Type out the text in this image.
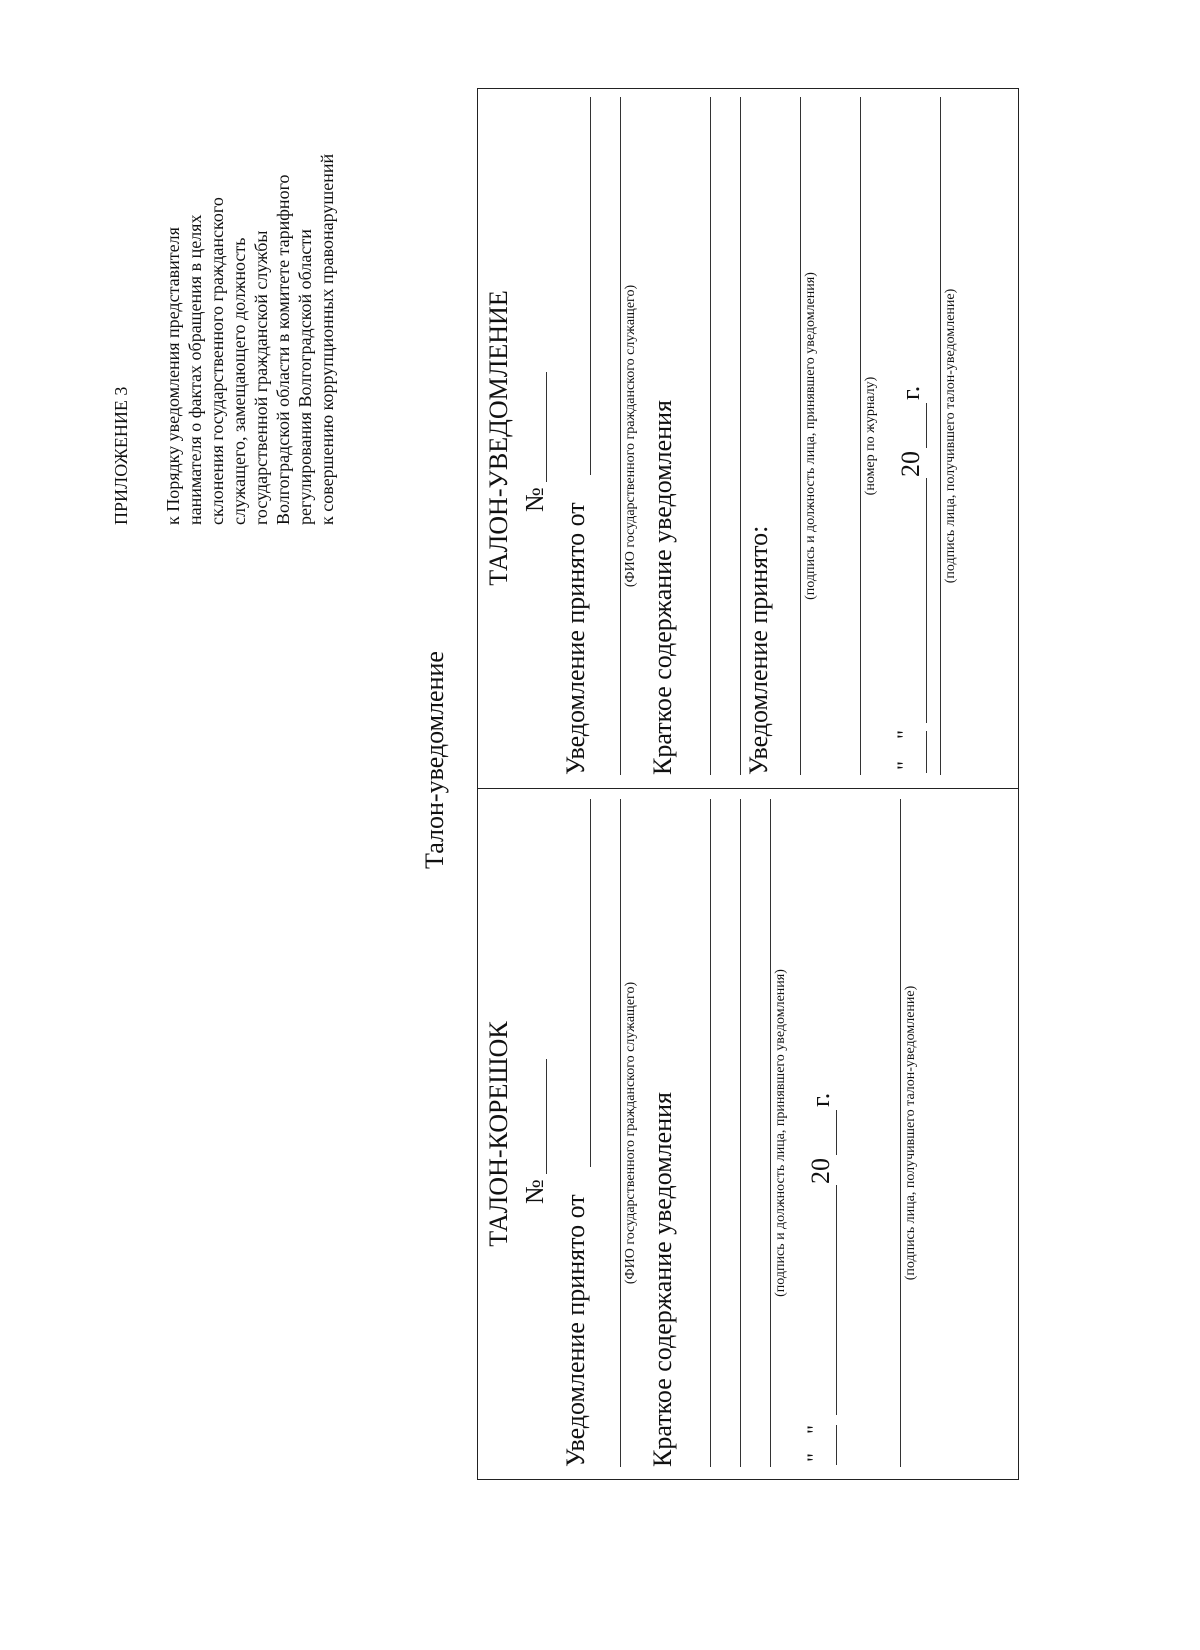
ПРИЛОЖЕНИЕ 3 к Порядку уведомления представителя нанимателя о фактах обращения в целях склонения государственного гражданского служащего, замещающего должность государственной гражданской службы Волгоградской области в комитете тарифного регулирования Волгоградской области к совершению коррупционных правонарушений
Талон-уведомление
ТАЛОН-КОРЕШОК №
Уведомление принято от
(ФИО государственного гражданского служащего) Краткое содержание уведомления	(подпись и должность лица, принявшего уведомления)
"
"
20
г.	(подпись лица, получившего талон-уведомление)
ТАЛОН-УВЕДОМЛЕНИЕ №
Уведомление принято от
(ФИО государственного гражданского служащего) Краткое содержание уведомления	Уведомление принято:
(подпись и должность лица, принявшего уведомления)	(номер по журналу)
"
"
20
г. (подпись лица, получившего талон-уведомление)
